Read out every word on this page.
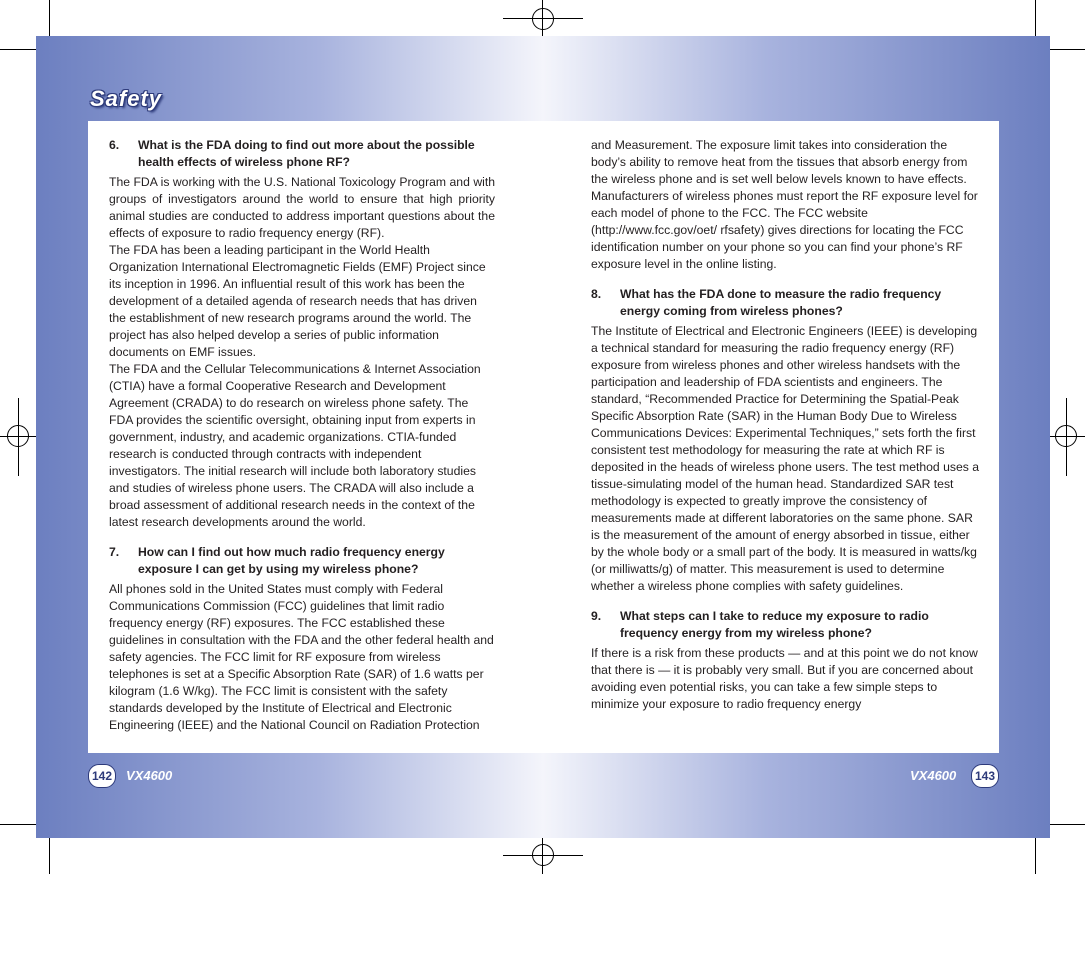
Safety
6.	What is the FDA doing to find out more about the possible health effects of wireless phone RF?

The FDA is working with the U.S. National Toxicology Program and with groups of investigators around the world to ensure that high priority animal studies are conducted to address important questions about the effects of exposure to radio frequency energy (RF).

The FDA has been a leading participant in the World Health Organization International Electromagnetic Fields (EMF) Project since its inception in 1996. An influential result of this work has been the development of a detailed agenda of research needs that has driven the establishment of new research programs around the world. The project has also helped develop a series of public information documents on EMF issues.

The FDA and the Cellular Telecommunications & Internet Association (CTIA) have a formal Cooperative Research and Development Agreement (CRADA) to do research on wireless phone safety. The FDA provides the scientific oversight, obtaining input from experts in government, industry, and academic organizations. CTIA-funded research is conducted through contracts with independent investigators. The initial research will include both laboratory studies and studies of wireless phone users. The CRADA will also include a broad assessment of additional research needs in the context of the latest research developments around the world.

7.	How can I find out how much radio frequency energy exposure I can get by using my wireless phone?

All phones sold in the United States must comply with Federal Communications Commission (FCC) guidelines that limit radio frequency energy (RF) exposures. The FCC established these guidelines in consultation with the FDA and the other federal health and safety agencies. The FCC limit for RF exposure from wireless telephones is set at a Specific Absorption Rate (SAR) of 1.6 watts per kilogram (1.6 W/kg). The FCC limit is consistent with the safety standards developed by the Institute of Electrical and Electronic Engineering (IEEE) and the National Council on Radiation Protection

and Measurement. The exposure limit takes into consideration the body’s ability to remove heat from the tissues that absorb energy from the wireless phone and is set well below levels known to have effects. Manufacturers of wireless phones must report the RF exposure level for each model of phone to the FCC. The FCC website (http://www.fcc.gov/oet/ rfsafety) gives directions for locating the FCC identification number on your phone so you can find your phone’s RF exposure level in the online listing.

8.	What has the FDA done to measure the radio frequency energy coming from wireless phones?

The Institute of Electrical and Electronic Engineers (IEEE) is developing a technical standard for measuring the radio frequency energy (RF) exposure from wireless phones and other wireless handsets with the participation and leadership of FDA scientists and engineers. The standard, “Recommended Practice for Determining the Spatial-Peak Specific Absorption Rate (SAR) in the Human Body Due to Wireless Communications Devices: Experimental Techniques,” sets forth the first consistent test methodology for measuring the rate at which RF is deposited in the heads of wireless phone users. The test method uses a tissue-simulating model of the human head. Standardized SAR test methodology is expected to greatly improve the consistency of measurements made at different laboratories on the same phone. SAR is the measurement of the amount of energy absorbed in tissue, either by the whole body or a small part of the body. It is measured in watts/kg (or milliwatts/g) of matter. This measurement is used to determine whether a wireless phone complies with safety guidelines.

9.	What steps can I take to reduce my exposure to radio frequency energy from my wireless phone?

If there is a risk from these products — and at this point we do not know that there is — it is probably very small. But if you are concerned about avoiding even potential risks, you can take a few simple steps to minimize your exposure to radio frequency energy

142	VX4600	VX4600	143
